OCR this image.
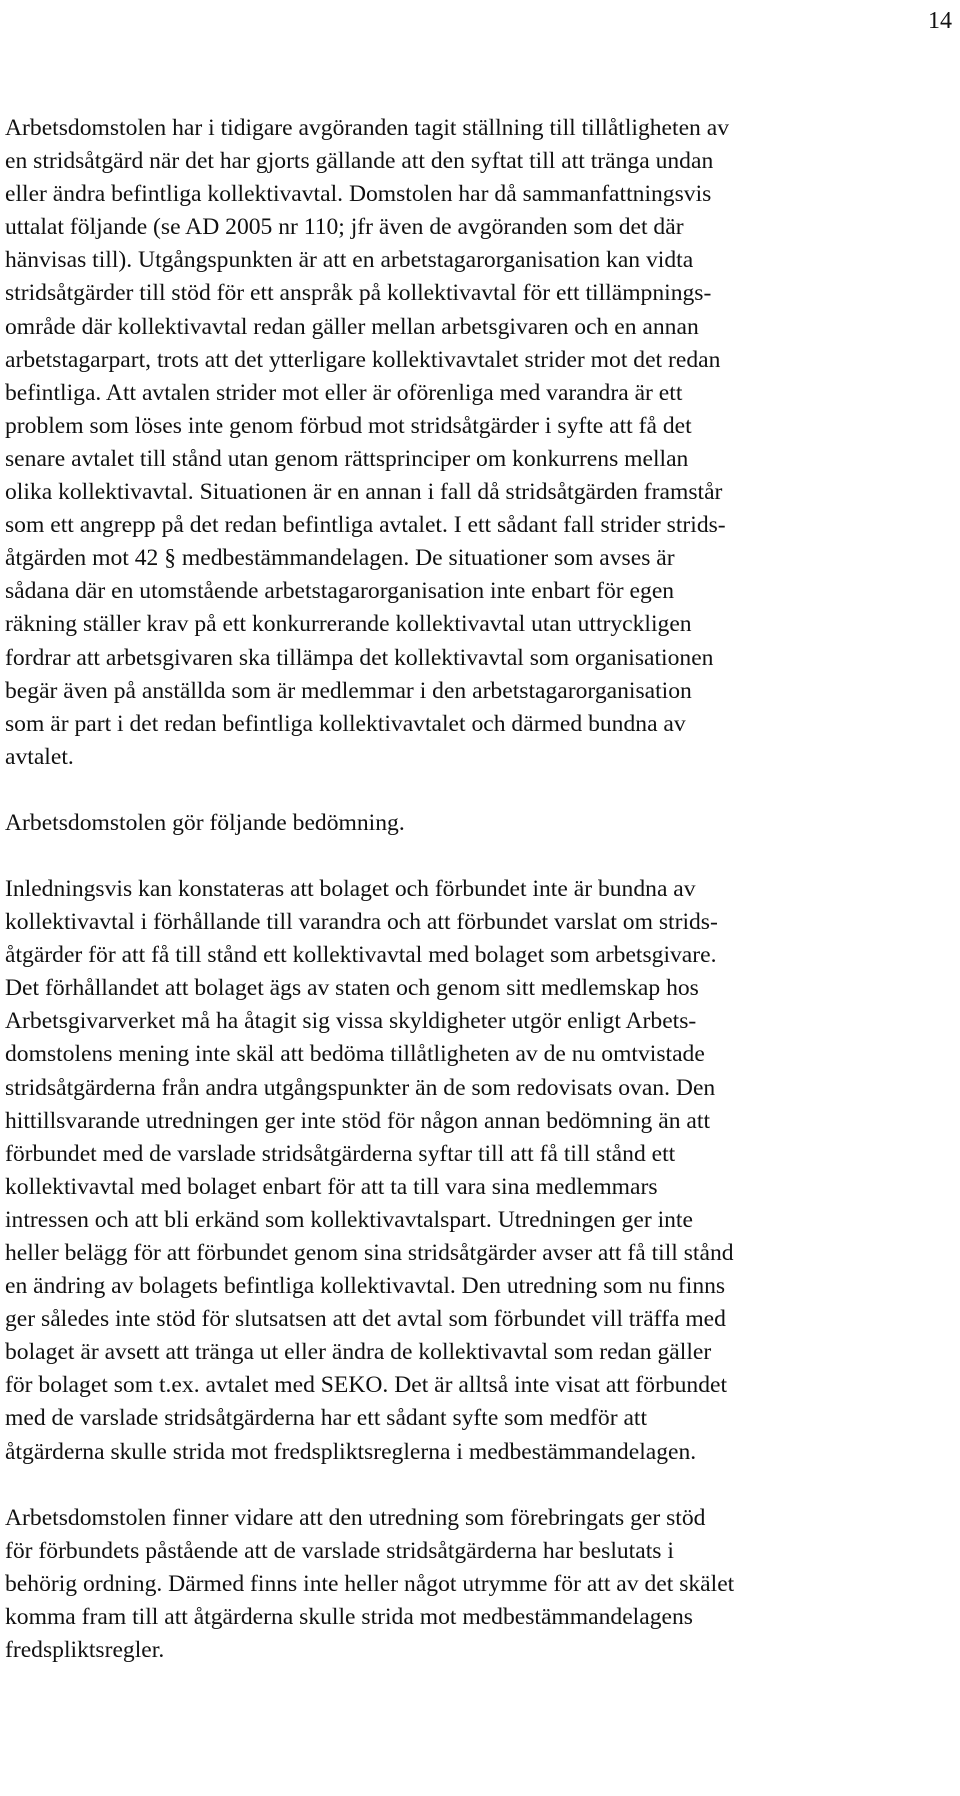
14

Arbetsdomstolen har i tidigare avgöranden tagit ställning till tillåtligheten av
en stridsåtgärd när det har gjorts gällande att den syftat till att tränga undan
eller ändra befintliga kollektivavtal. Domstolen har då sammanfattningsvis
uttalat följande (se AD 2005 nr 110; jfr även de avgöranden som det där
hänvisas till). Utgångspunkten är att en arbetstagarorganisation kan vidta
stridsåtgärder till stöd för ett anspråk på kollektivavtal för ett tillämpnings-
område där kollektivavtal redan gäller mellan arbetsgivaren och en annan
arbetstagarpart, trots att det ytterligare kollektivavtalet strider mot det redan
befintliga. Att avtalen strider mot eller är oförenliga med varandra är ett
problem som löses inte genom förbud mot stridsåtgärder i syfte att få det
senare avtalet till stånd utan genom rättsprinciper om konkurrens mellan
olika kollektivavtal. Situationen är en annan i fall då stridsåtgärden framstår
som ett angrepp på det redan befintliga avtalet. I ett sådant fall strider strids-
åtgärden mot 42 § medbestämmandelagen. De situationer som avses är
sådana där en utomstående arbetstagarorganisation inte enbart för egen
räkning ställer krav på ett konkurrerande kollektivavtal utan uttryckligen
fordrar att arbetsgivaren ska tillämpa det kollektivavtal som organisationen
begär även på anställda som är medlemmar i den arbetstagarorganisation
som är part i det redan befintliga kollektivavtalet och därmed bundna av
avtalet.

Arbetsdomstolen gör följande bedömning.

Inledningsvis kan konstateras att bolaget och förbundet inte är bundna av
kollektivavtal i förhållande till varandra och att förbundet varslat om strids-
åtgärder för att få till stånd ett kollektivavtal med bolaget som arbetsgivare.
Det förhållandet att bolaget ägs av staten och genom sitt medlemskap hos
Arbetsgivarverket må ha åtagit sig vissa skyldigheter utgör enligt Arbets-
domstolens mening inte skäl att bedöma tillåtligheten av de nu omtvistade
stridsåtgärderna från andra utgångspunkter än de som redovisats ovan. Den
hittillsvarande utredningen ger inte stöd för någon annan bedömning än att
förbundet med de varslade stridsåtgärderna syftar till att få till stånd ett
kollektivavtal med bolaget enbart för att ta till vara sina medlemmars
intressen och att bli erkänd som kollektivavtalspart. Utredningen ger inte
heller belägg för att förbundet genom sina stridsåtgärder avser att få till stånd
en ändring av bolagets befintliga kollektivavtal. Den utredning som nu finns
ger således inte stöd för slutsatsen att det avtal som förbundet vill träffa med
bolaget är avsett att tränga ut eller ändra de kollektivavtal som redan gäller
för bolaget som t.ex. avtalet med SEKO. Det är alltså inte visat att förbundet
med de varslade stridsåtgärderna har ett sådant syfte som medför att
åtgärderna skulle strida mot fredspliktsreglerna i medbestämmandelagen.

Arbetsdomstolen finner vidare att den utredning som förebringats ger stöd
för förbundets påstående att de varslade stridsåtgärderna har beslutats i
behörig ordning. Därmed finns inte heller något utrymme för att av det skälet
komma fram till att åtgärderna skulle strida mot medbestämmandelagens
fredspliktsregler.
